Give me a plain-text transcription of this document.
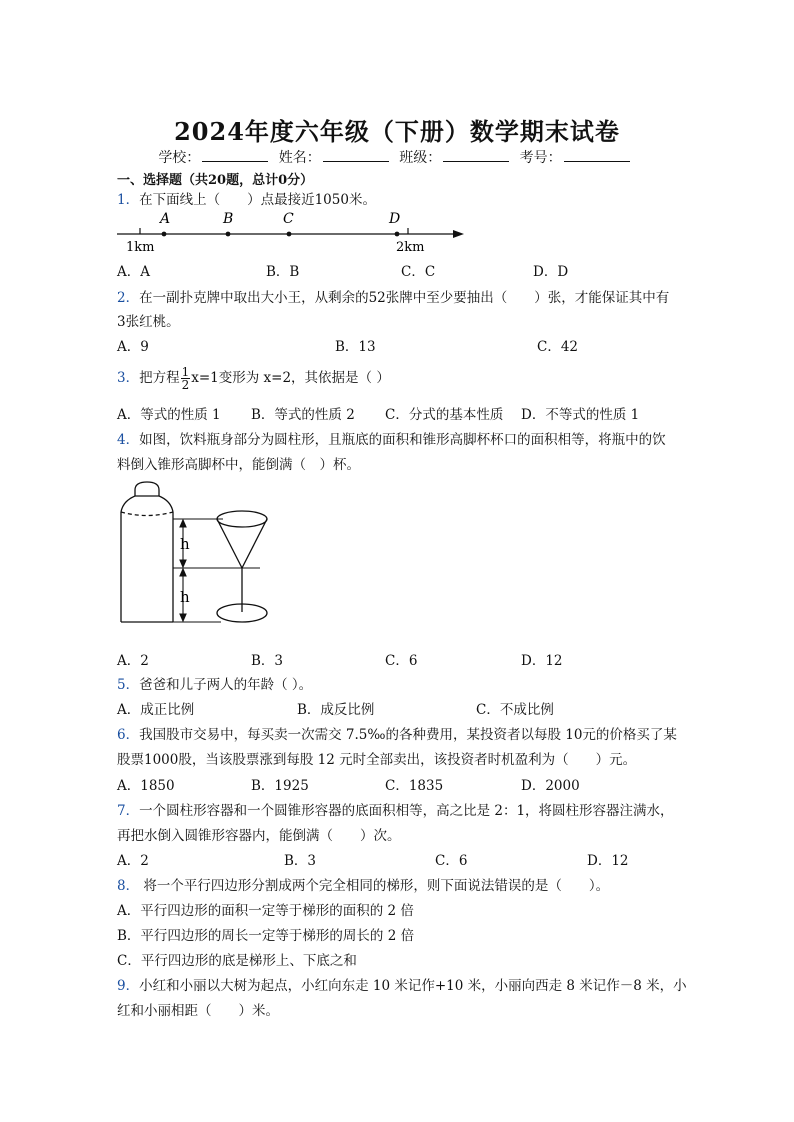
2024年度六年级（下册）数学期末试卷
学校：	姓名：	班级：	考号：
一、选择题（共20题，总计0分）
1．在下面线上（　　）点最接近1050米。
A	B	C	D
1km	2km
A．A	B．B	C．C	D．D
2．在一副扑克牌中取出大小王，从剩余的52张牌中至少要抽出（　　）张，才能保证其中有
3张红桃。
A．9	B．13	C．42
3．把方程 $\frac{1}{2} x=1$变形为 x=2，其依据是（ ）
A．等式的性质 1 B．等式的性质 2 C．分式的基本性质 D．不等式的性质 1
4．如图，饮料瓶身部分为圆柱形，且瓶底的面积和锥形高脚杯杯口的面积相等，将瓶中的饮
料倒入锥形高脚杯中，能倒满（　）杯。
h
h
A．2	B．3	C．6	D．12
5．爸爸和儿子两人的年龄（ ）。
A．成正比例	B．成反比例	C．不成比例
6．我国股市交易中，每买卖一次需交 7.5‰的各种费用，某投资者以每股 10元的价格买了某
股票1000股，当该股票涨到每股 12 元时全部卖出，该投资者时机盈利为（　　）元。
A．1850	B．1925	C．1835	D．2000
7．一个圆柱形容器和一个圆锥形容器的底面积相等，高之比是 2：1，将圆柱形容器注满水，
再把水倒入圆锥形容器内，能倒满（　　）次。
A．2	B．3	C．6	D．12
8． 将一个平行四边形分割成两个完全相同的梯形，则下面说法错误的是（　　）。
A．平行四边形的面积一定等于梯形的面积的 2 倍
B．平行四边形的周长一定等于梯形的周长的 2 倍
C．平行四边形的底是梯形上、下底之和
9．小红和小丽以大树为起点，小红向东走 10 米记作+10 米，小丽向西走 8 米记作－8 米，小
红和小丽相距（　　）米。
